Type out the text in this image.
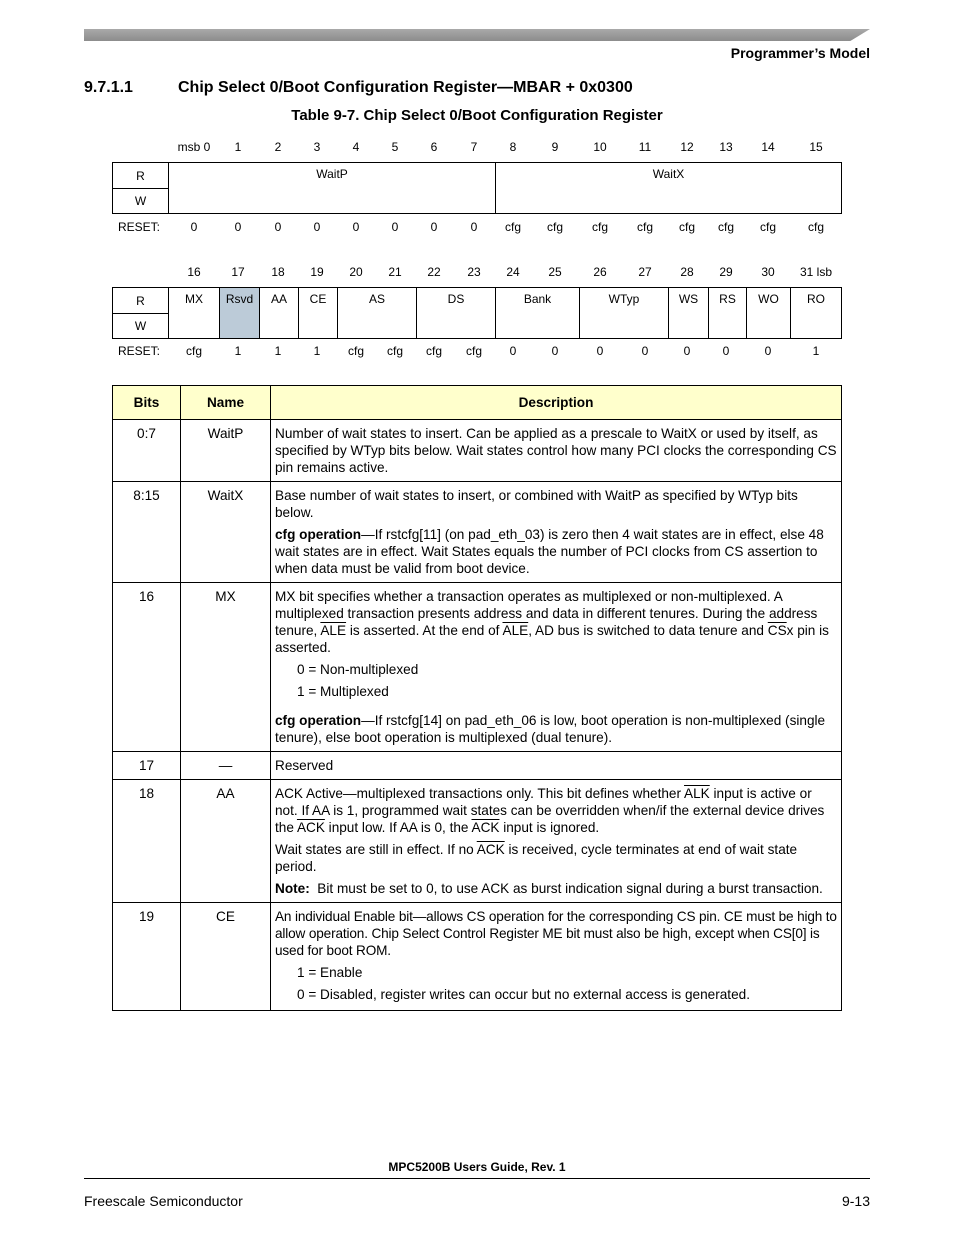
Programmer’s Model
9.7.1.1	Chip Select 0/Boot Configuration Register—MBAR + 0x0300
Table 9-7. Chip Select 0/Boot Configuration Register
msb 0	1	2	3	4	5	6	7	8	9	10	11	12	13	14	15
R
W
WaitP	WaitX
RESET:	0	0	0	0	0	0	0	0	cfg	cfg	cfg	cfg	cfg	cfg	cfg	cfg
16	17	18	19	20	21	22	23	24	25	26	27	28	29	30	31 lsb
R
W
MX	Rsvd	AA	CE	AS	DS	Bank	WTyp	WS	RS	WO	RO
RESET:	cfg	1	1	1	cfg	cfg	cfg	cfg	0	0	0	0	0	0	0	1
Bits	Name	Description
0:7	WaitP	Number of wait states to insert. Can be applied as a prescale to WaitX or used by itself, as specified by WTyp bits below. Wait states control how many PCI clocks the corresponding CS pin remains active.

8:15	WaitX	Base number of wait states to insert, or combined with WaitP as specified by WTyp bits below.

cfg operation—If rstcfg[11] (on pad_eth_03) is zero then 4 wait states are in effect, else 48 wait states are in effect. Wait States equals the number of PCI clocks from CS assertion to when data must be valid from boot device.

16	MX	MX bit specifies whether a transaction operates as multiplexed or non-multiplexed. A multiplexed transaction presents address and data in different tenures. During the address tenure, $\overline{ALE}$ is asserted. At the end of $\overline{ALE}$, AD bus is switched to data tenure and $\overline{CS}x$ pin is asserted.

0 = Non-multiplexed

1 = Multiplexed

cfg operation—If rstcfg[14] on pad_eth_06 is low, boot operation is non-multiplexed (single tenure), else boot operation is multiplexed (dual tenure).

17	—	Reserved

18	AA	ACK Active—multiplexed transactions only. This bit defines whether $\overline{ALK}$ input is active or not. If AA is 1, programmed wait states can be overridden when/if the external device drives the $\overline{ACK}$ input low. If AA is 0, the $\overline{ACK}$ input is ignored.

Wait states are still in effect. If no $\overline{ACK}$ is received, cycle terminates at end of wait state period.

Note:  Bit must be set to 0, to use ACK as burst indication signal during a burst transaction.

19	CE	An individual Enable bit—allows CS operation for the corresponding CS pin. CE must be high to allow operation. Chip Select Control Register ME bit must also be high, except when CS[0] is used for boot ROM.

1 = Enable

0 = Disabled, register writes can occur but no external access is generated.

MPC5200B Users Guide, Rev. 1
Freescale Semiconductor	9-13
